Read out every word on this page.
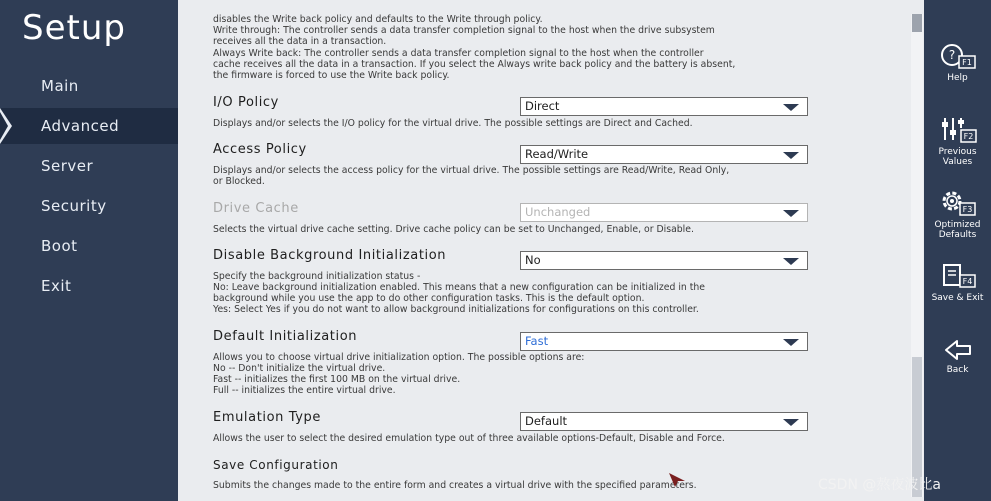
Setup
Main
Advanced
Server
Security
Boot
Exit
disables the Write back policy and defaults to the Write through policy.
Write through: The controller sends a data transfer completion signal to the host when the drive subsystem
receives all the data in a transaction.
Always Write back: The controller sends a data transfer completion signal to the host when the controller
cache receives all the data in a transaction. If you select the Always write back policy and the battery is absent,
the firmware is forced to use the Write back policy.
I/O Policy	Direct
Displays and/or selects the I/O policy for the virtual drive. The possible settings are Direct and Cached.
Access Policy	Read/Write
Displays and/or selects the access policy for the virtual drive. The possible settings are Read/Write, Read Only,
or Blocked.
Drive Cache	Unchanged
Selects the virtual drive cache setting. Drive cache policy can be set to Unchanged, Enable, or Disable.
Disable Background Initialization	No
Specify the background initialization status -
No: Leave background initialization enabled. This means that a new configuration can be initialized in the
background while you use the app to do other configuration tasks. This is the default option.
Yes: Select Yes if you do not want to allow background initializations for configurations on this controller.
Default Initialization	Fast
Allows you to choose virtual drive initialization option. The possible options are:
No -- Don't initialize the virtual drive.
Fast -- initializes the first 100 MB on the virtual drive.
Full -- initializes the entire virtual drive.
Emulation Type	Default
Allows the user to select the desired emulation type out of three available options-Default, Disable and Force.
Save Configuration
Submits the changes made to the entire form and creates a virtual drive with the specified parameters.
?
F1
Help
F2
Previous
Values
F3
Optimized
Defaults
F4
Save & Exit
Back
CSDN @熬夜波比a
